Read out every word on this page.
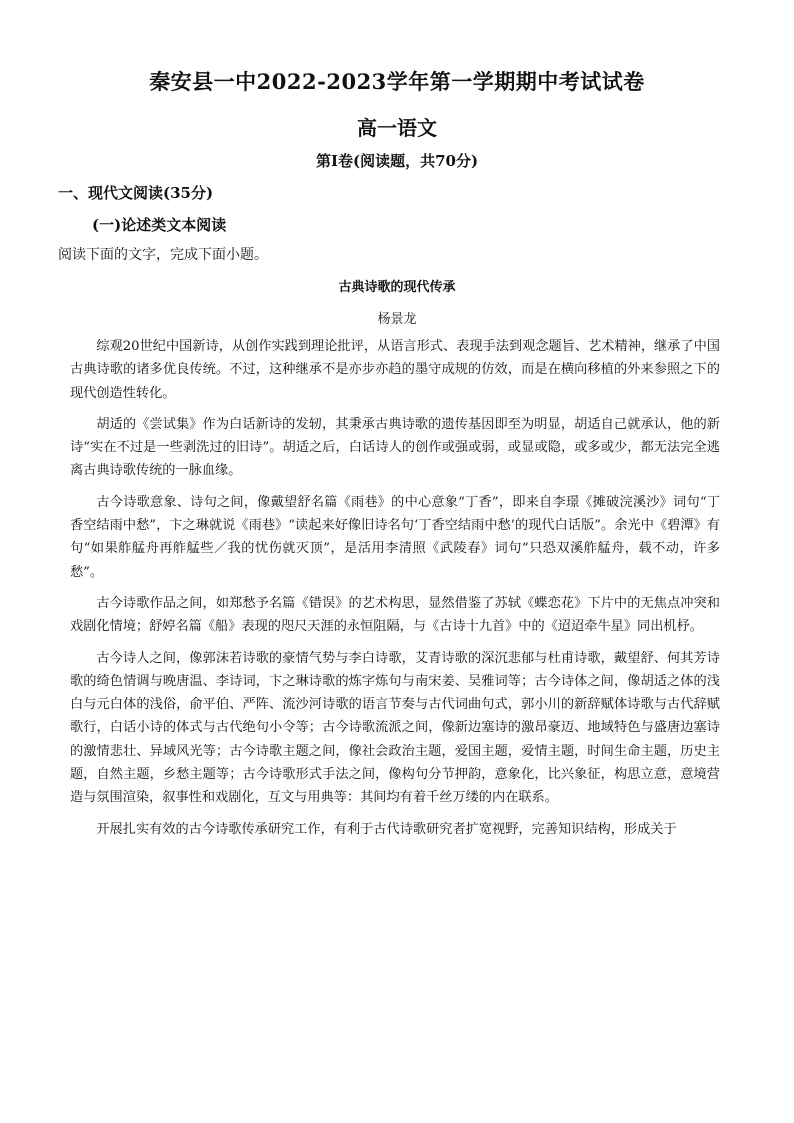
秦安县一中2022-2023学年第一学期期中考试试卷
高一语文
第Ⅰ卷(阅读题，共70分)
一、现代文阅读(35分)
(一)论述类文本阅读
阅读下面的文字，完成下面小题。
古典诗歌的现代传承
杨景龙

综观20世纪中国新诗，从创作实践到理论批评，从语言形式、表现手法到观念题旨、艺术精神，继承了中国古典诗歌的诸多优良传统。不过，这种继承不是亦步亦趋的墨守成规的仿效，而是在横向移植的外来参照之下的现代创造性转化。

胡适的《尝试集》作为白话新诗的发轫，其秉承古典诗歌的遗传基因即至为明显，胡适自己就承认，他的新诗“实在不过是一些剥洗过的旧诗”。胡适之后，白话诗人的创作或强或弱，或显或隐，或多或少，都无法完全逃离古典诗歌传统的一脉血缘。

古今诗歌意象、诗句之间，像戴望舒名篇《雨巷》的中心意象“丁香”，即来自李璟《摊破浣溪沙》词句“丁香空结雨中愁”，卞之琳就说《雨巷》“读起来好像旧诗名句‘丁香空结雨中愁’的现代白话版”。余光中《碧潭》有句“如果舴艋舟再舴艋些／我的忧伤就灭顶”，是活用李清照《武陵春》词句“只恐双溪舴艋舟，载不动，许多愁”。

古今诗歌作品之间，如郑愁予名篇《错误》的艺术构思，显然借鉴了苏轼《蝶恋花》下片中的无焦点冲突和戏剧化情境；舒婷名篇《船》表现的咫尺天涯的永恒阻隔，与《古诗十九首》中的《迢迢牵牛星》同出机杼。

古今诗人之间，像郭沫若诗歌的豪情气势与李白诗歌，艾青诗歌的深沉悲郁与杜甫诗歌，戴望舒、何其芳诗歌的绮色情调与晚唐温、李诗词，卞之琳诗歌的炼字炼句与南宋姜、吴雅词等；古今诗体之间，像胡适之体的浅白与元白体的浅俗，俞平伯、严阵、流沙河诗歌的语言节奏与古代词曲句式，郭小川的新辞赋体诗歌与古代辞赋歌行，白话小诗的体式与古代绝句小令等；古今诗歌流派之间，像新边塞诗的激昂豪迈、地域特色与盛唐边塞诗的激情悲壮、异域风光等；古今诗歌主题之间，像社会政治主题，爱国主题，爱情主题，时间生命主题，历史主题，自然主题，乡愁主题等；古今诗歌形式手法之间，像构句分节押韵，意象化，比兴象征，构思立意，意境营造与氛围渲染，叙事性和戏剧化，互文与用典等：其间均有着千丝万缕的内在联系。

开展扎实有效的古今诗歌传承研究工作，有利于古代诗歌研究者扩宽视野，完善知识结构，形成关于
